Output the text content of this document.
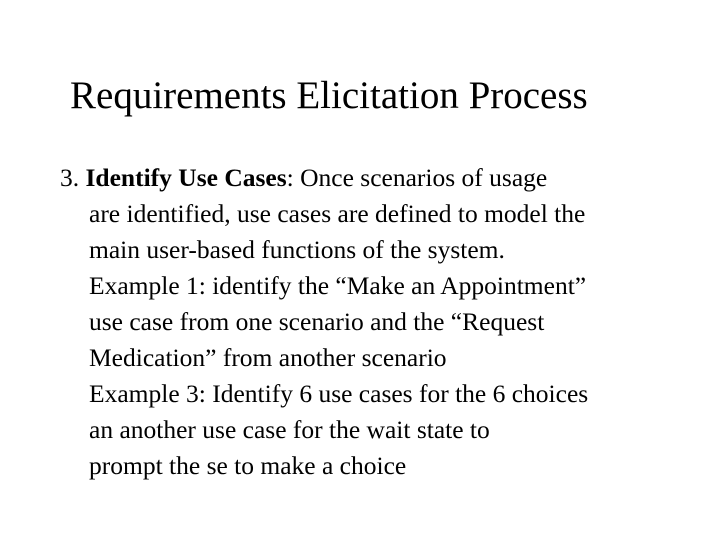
Requirements Elicitation Process
3. Identify Use Cases: Once scenarios of usage
are identified, use cases are defined to model the
main user-based functions of the system.
Example 1: identify the “Make an Appointment”
use case from one scenario and the “Request
Medication” from another scenario
Example 3: Identify 6 use cases for the 6 choices
an another use case for the wait state to
prompt the se to make a choice
